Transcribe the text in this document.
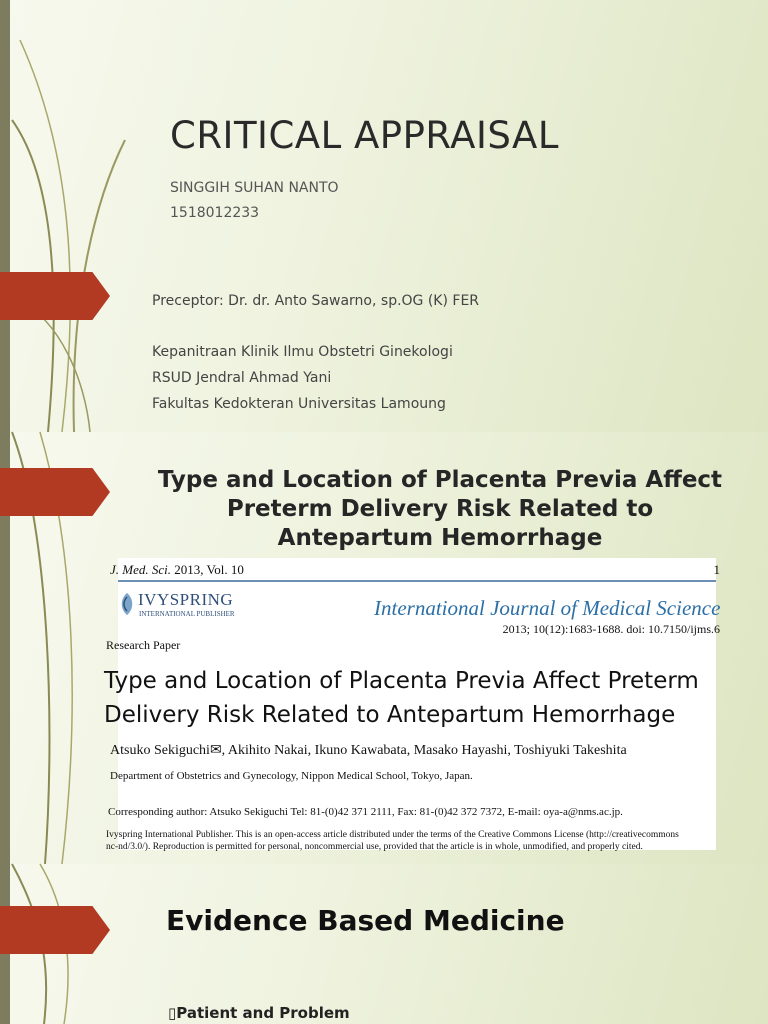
CRITICAL APPRAISAL
SINGGIH SUHAN NANTO
1518012233
Preceptor: Dr. dr. Anto Sawarno, sp.OG (K) FER
Kepanitraan Klinik Ilmu Obstetri Ginekologi
RSUD Jendral Ahmad Yani
Fakultas Kedokteran Universitas Lamoung
Type and Location of Placenta Previa Affect Preterm Delivery Risk Related to Antepartum Hemorrhage
J. Med. Sci. 2013, Vol. 10	1
IVYSPRING
INTERNATIONAL PUBLISHER	International Journal of Medical Science
2013; 10(12):1683-1688. doi: 10.7150/ijms.6
Research Paper
Type and Location of Placenta Previa Affect Preterm
Delivery Risk Related to Antepartum Hemorrhage
Atsuko Sekiguchi✉, Akihito Nakai, Ikuno Kawabata, Masako Hayashi, Toshiyuki Takeshita
Department of Obstetrics and Gynecology, Nippon Medical School, Tokyo, Japan.
Corresponding author: Atsuko Sekiguchi Tel: 81-(0)42 371 2111, Fax: 81-(0)42 372 7372, E-mail: oya-a@nms.ac.jp.
Ivyspring International Publisher. This is an open-access article distributed under the terms of the Creative Commons License (http://creativecommons
nc-nd/3.0/). Reproduction is permitted for personal, noncommercial use, provided that the article is in whole, unmodified, and properly cited.
Evidence Based Medicine
▯Patient and Problem
